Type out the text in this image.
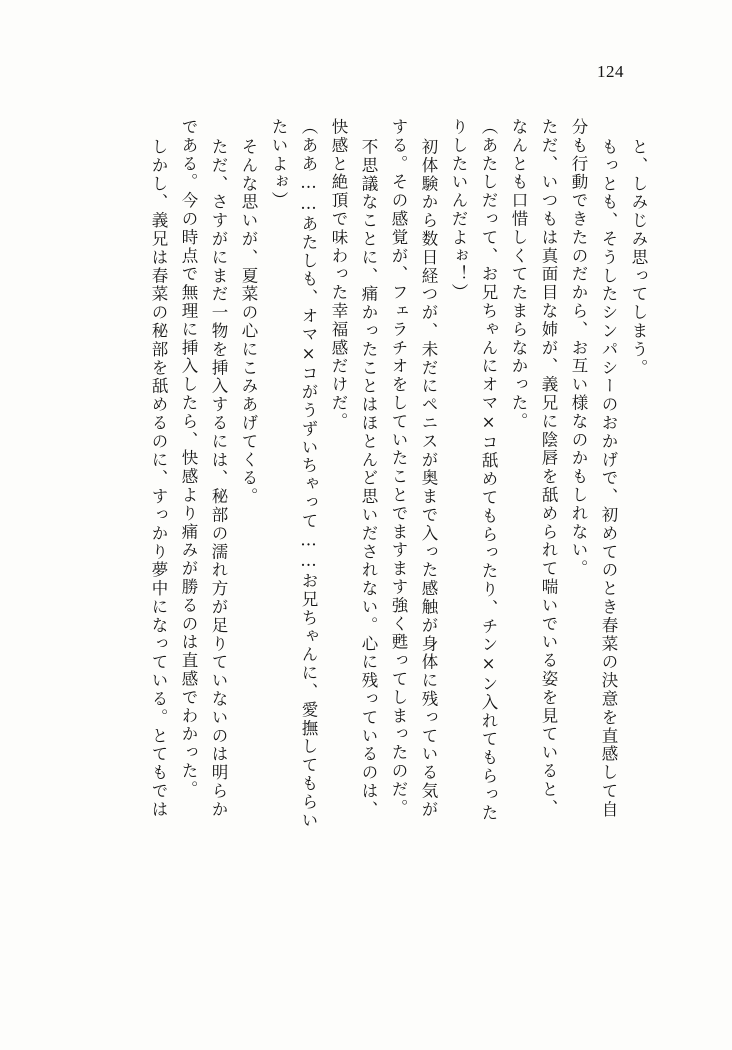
124
と、しみじみ思ってしまう。
もっとも、そうしたシンパシーのおかげで、初めてのとき春菜の決意を直感して自
分も行動できたのだから、お互い様なのかもしれない。
ただ、いつもは真面目な姉が、義兄に陰唇を舐められて喘いでいる姿を見ていると、
なんとも口惜しくてたまらなかった。
（あたしだって、お兄ちゃんにオマ×コ舐めてもらったり、チン×ン入れてもらった
りしたいんだよぉ！）
初体験から数日経つが、未だにペニスが奥まで入った感触が身体に残っている気が
する。その感覚が、フェラチオをしていたことでますます強く甦ってしまったのだ。
不思議なことに、痛かったことはほとんど思いだされない。心に残っているのは、
快感と絶頂で味わった幸福感だけだ。
（ああ……あたしも、オマ×コがうずいちゃって……お兄ちゃんに、愛撫してもらい
たいよぉ）
そんな思いが、夏菜の心にこみあげてくる。
ただ、さすがにまだ一物を挿入するには、秘部の濡れ方が足りていないのは明らか
である。今の時点で無理に挿入したら、快感より痛みが勝るのは直感でわかった。
しかし、義兄は春菜の秘部を舐めるのに、すっかり夢中になっている。とてもでは
